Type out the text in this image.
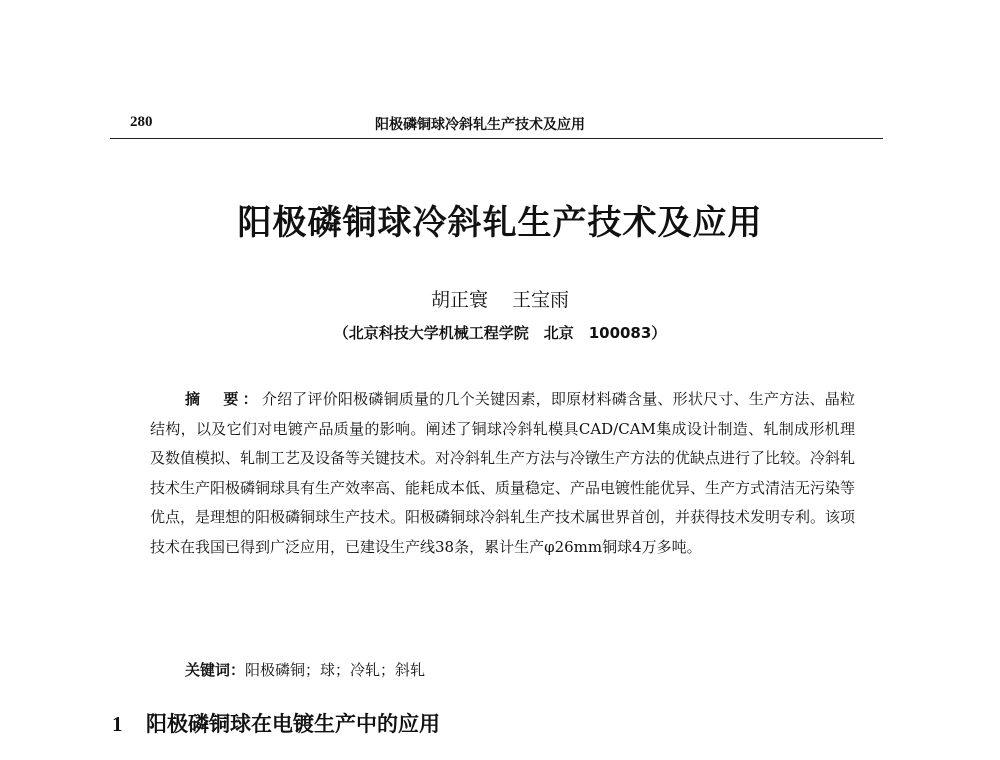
280	阳极磷铜球冷斜轧生产技术及应用
阳极磷铜球冷斜轧生产技术及应用
胡正寰 王宝雨
（北京科技大学机械工程学院　北京　100083）

摘　要：介绍了评价阳极磷铜质量的几个关键因素，即原材料磷含量、形状尺寸、生产方法、晶粒结构，以及它们对电镀产品质量的影响。阐述了铜球冷斜轧模具CAD/CAM集成设计制造、轧制成形机理及数值模拟、轧制工艺及设备等关键技术。对冷斜轧生产方法与冷镦生产方法的优缺点进行了比较。冷斜轧技术生产阳极磷铜球具有生产效率高、能耗成本低、质量稳定、产品电镀性能优异、生产方式清洁无污染等优点，是理想的阳极磷铜球生产技术。阳极磷铜球冷斜轧生产技术属世界首创，并获得技术发明专利。该项技术在我国已得到广泛应用，已建设生产线38条，累计生产φ26mm铜球4万多吨。

关键词：阳极磷铜；球；冷轧；斜轧
1 阳极磷铜球在电镀生产中的应用
